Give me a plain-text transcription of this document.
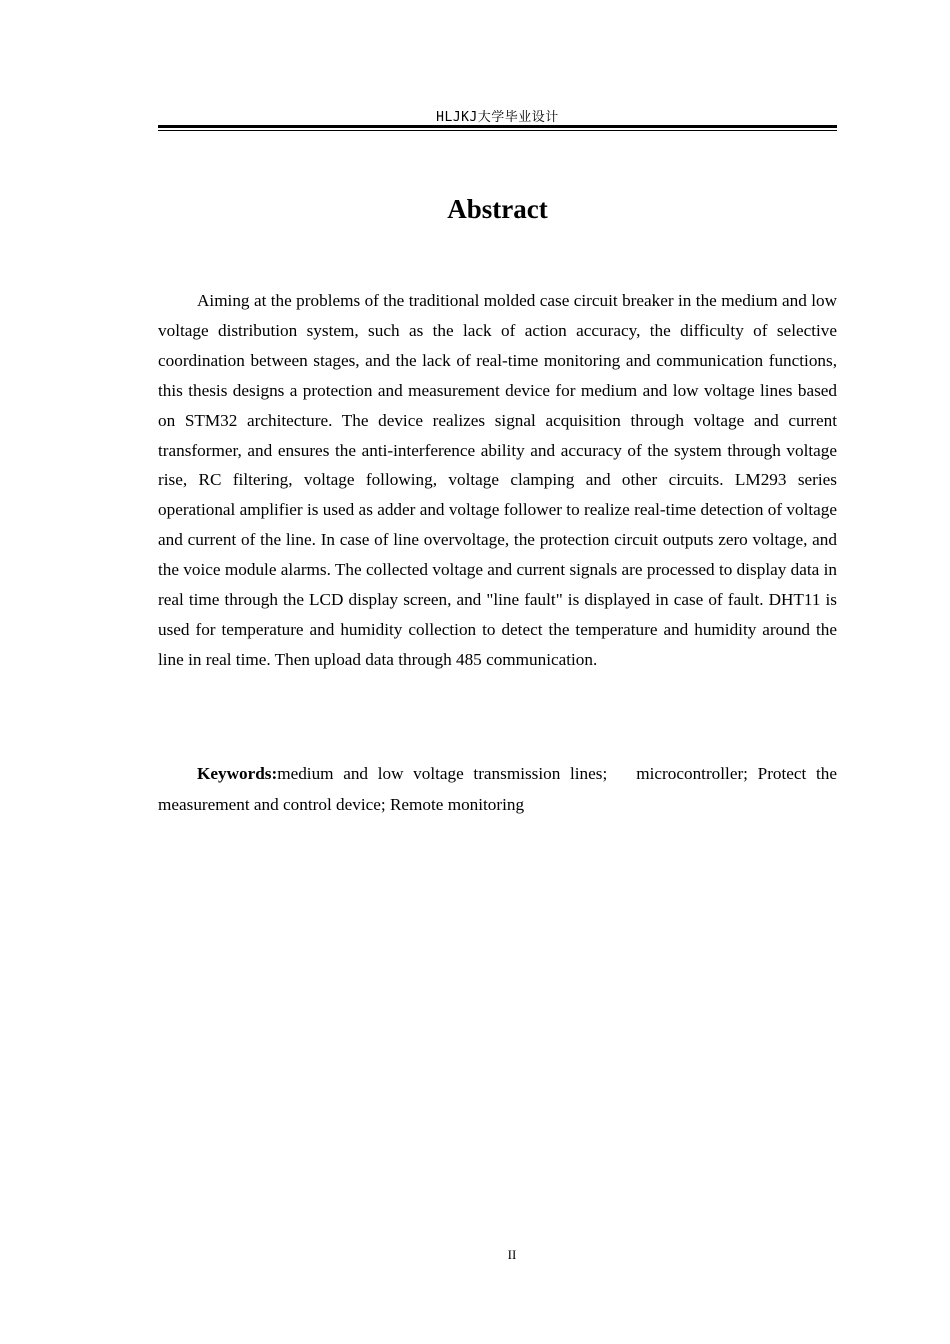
HLJKJ大学毕业设计
Abstract

Aiming at the problems of the traditional molded case circuit breaker in the medium and low voltage distribution system, such as the lack of action accuracy, the difficulty of selective coordination between stages, and the lack of real-time monitoring and communication functions, this thesis designs a protection and measurement device for medium and low voltage lines based on STM32 architecture. The device realizes signal acquisition through voltage and current transformer, and ensures the anti-interference ability and accuracy of the system through voltage rise, RC filtering, voltage following, voltage clamping and other circuits. LM293 series operational amplifier is used as adder and voltage follower to realize real-time detection of voltage and current of the line. In case of line overvoltage, the protection circuit outputs zero voltage, and the voice module alarms. The collected voltage and current signals are processed to display data in real time through the LCD display screen, and "line fault" is displayed in case of fault. DHT11 is used for temperature and humidity collection to detect the temperature and humidity around the line in real time. Then upload data through 485 communication.

Keywords:medium and low voltage transmission lines;   microcontroller; Protect the measurement and control device; Remote monitoring

II
